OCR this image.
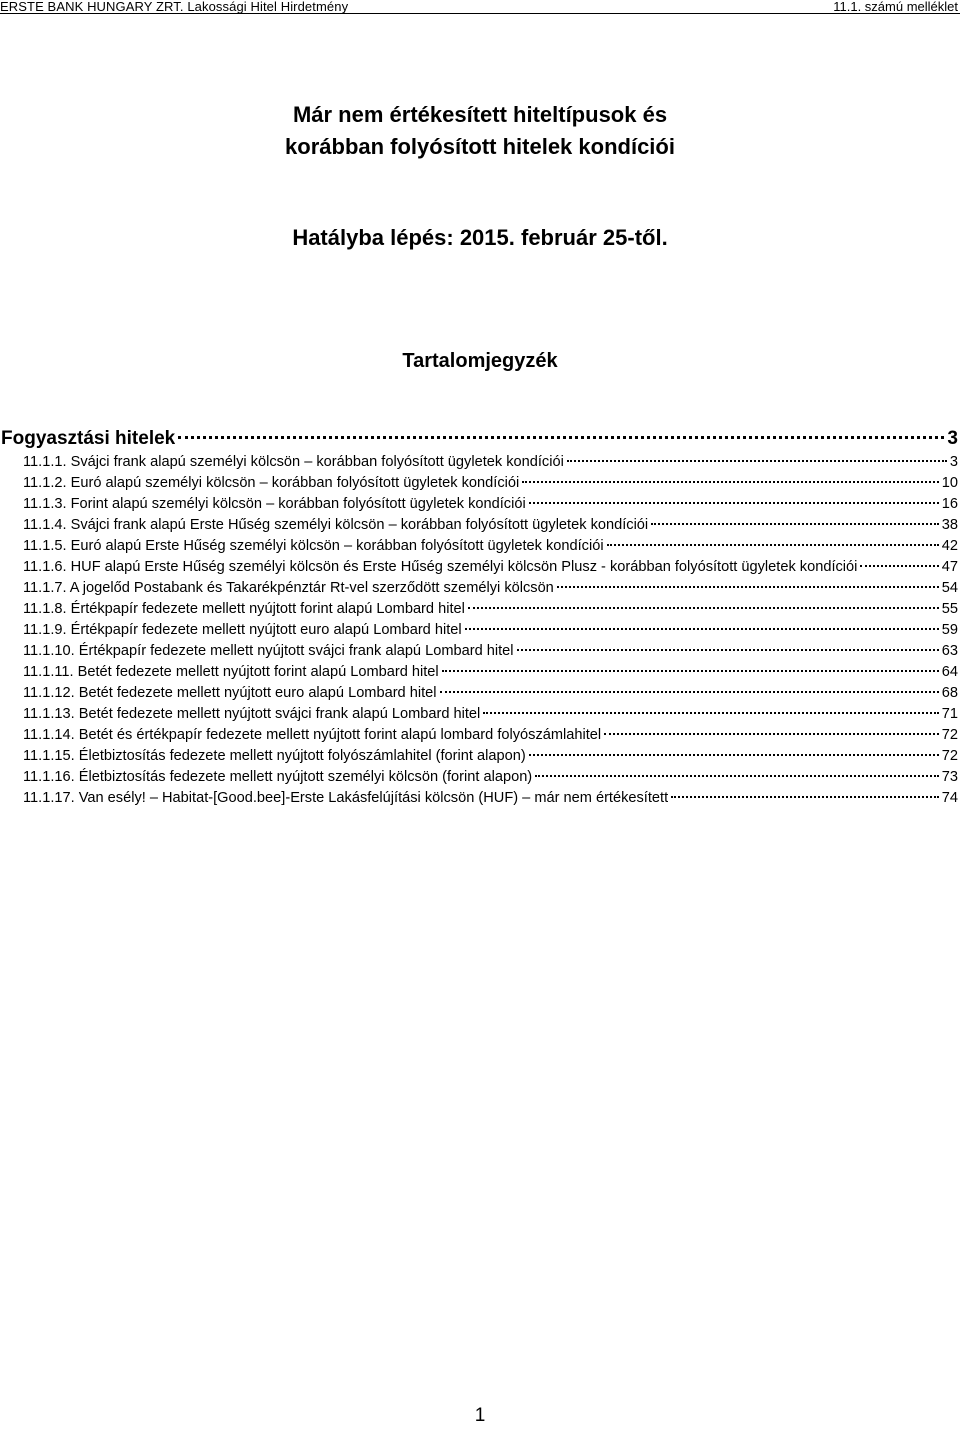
ERSTE BANK HUNGARY ZRT. Lakossági Hitel Hirdetmény	11.1. számú melléklet
Már nem értékesített hiteltípusok és
korábban folyósított hitelek kondíciói
Hatályba lépés: 2015. február 25-től.
Tartalomjegyzék
Fogyasztási hitelek	3
11.1.1. Svájci frank alapú személyi kölcsön – korábban folyósított ügyletek kondíciói	3
11.1.2. Euró alapú személyi kölcsön – korábban folyósított ügyletek kondíciói	10
11.1.3. Forint alapú személyi kölcsön – korábban folyósított ügyletek kondíciói	16
11.1.4. Svájci frank alapú Erste Hűség személyi kölcsön – korábban folyósított ügyletek kondíciói	38
11.1.5. Euró alapú Erste Hűség személyi kölcsön – korábban folyósított ügyletek kondíciói	42
11.1.6. HUF alapú Erste Hűség személyi kölcsön és Erste Hűség személyi kölcsön Plusz - korábban folyósított ügyletek kondíciói	47
11.1.7. A jogelőd Postabank és Takarékpénztár Rt-vel szerződött személyi kölcsön	54
11.1.8. Értékpapír fedezete mellett nyújtott forint alapú Lombard hitel	55
11.1.9. Értékpapír fedezete mellett nyújtott euro alapú Lombard hitel	59
11.1.10. Értékpapír fedezete mellett nyújtott svájci frank alapú Lombard hitel	63
11.1.11. Betét fedezete mellett nyújtott forint alapú Lombard hitel	64
11.1.12. Betét fedezete mellett nyújtott euro alapú Lombard hitel	68
11.1.13. Betét fedezete mellett nyújtott svájci frank alapú Lombard hitel	71
11.1.14. Betét és értékpapír fedezete mellett nyújtott forint alapú lombard folyószámlahitel	72
11.1.15. Életbiztosítás fedezete mellett nyújtott folyószámlahitel (forint alapon)	72
11.1.16. Életbiztosítás fedezete mellett nyújtott személyi kölcsön (forint alapon)	73
11.1.17. Van esély! – Habitat-[Good.bee]-Erste Lakásfelújítási kölcsön (HUF) – már nem értékesített	74
1
